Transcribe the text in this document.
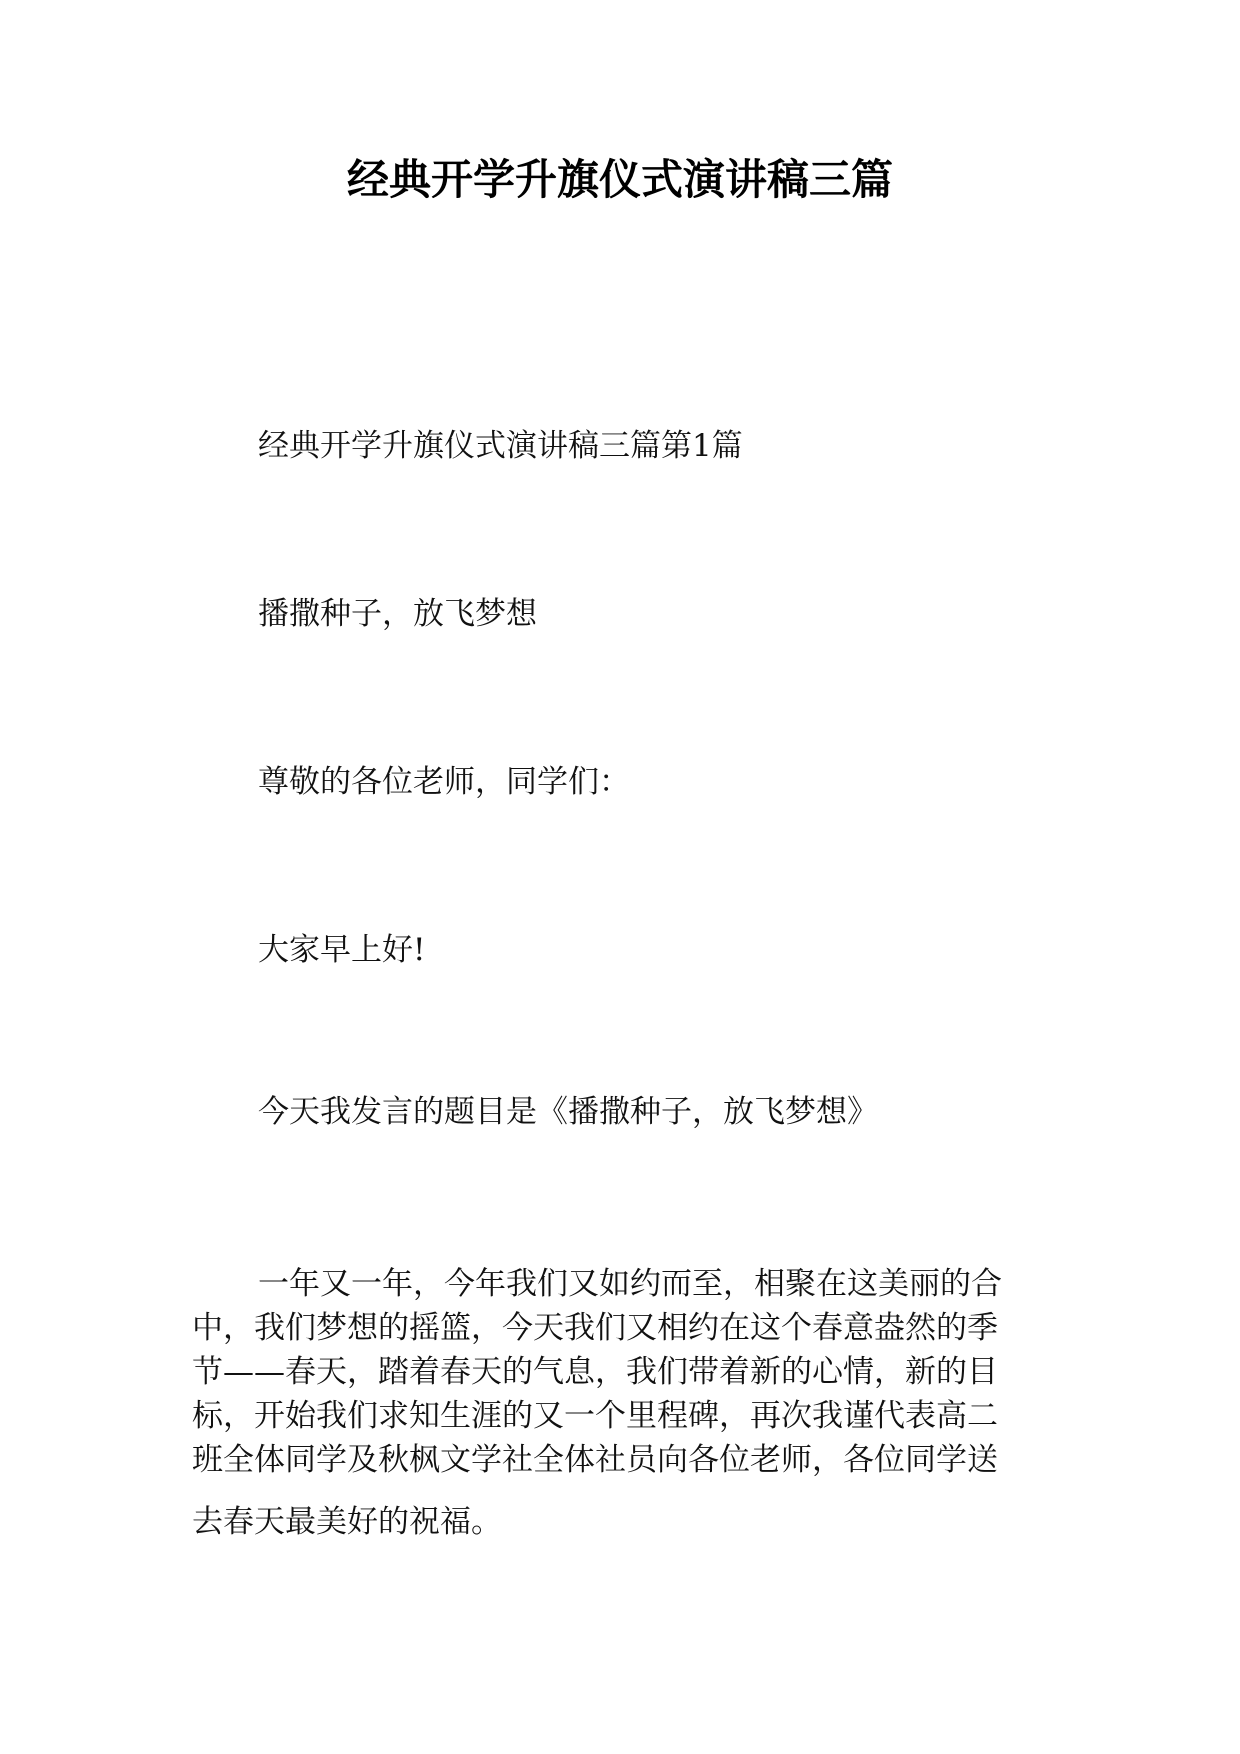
经典开学升旗仪式演讲稿三篇
经典开学升旗仪式演讲稿三篇第1篇
播撒种子，放飞梦想
尊敬的各位老师，同学们：
大家早上好!
今天我发言的题目是《播撒种子，放飞梦想》
一年又一年，今年我们又如约而至，相聚在这美丽的合
中，我们梦想的摇篮，今天我们又相约在这个春意盎然的季
节——春天，踏着春天的气息，我们带着新的心情，新的目
标，开始我们求知生涯的又一个里程碑，再次我谨代表高二
班全体同学及秋枫文学社全体社员向各位老师，各位同学送
去春天最美好的祝福。
